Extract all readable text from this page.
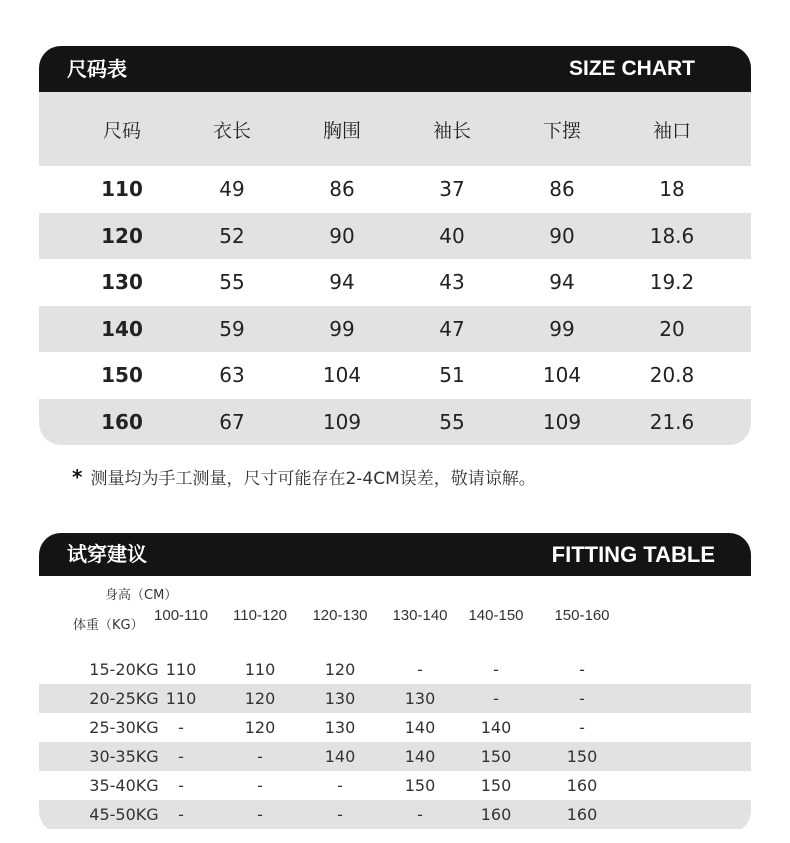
尺码表	SIZE CHART
尺码	衣长	胸围	袖长	下摆	袖口
110	49	86	37	86	18
120	52	90	40	90	18.6
130	55	94	43	94	19.2
140	59	99	47	99	20
150	63	104	51	104	20.8
160	67	109	55	109	21.6
* 测量均为手工测量，尺寸可能存在2-4CM误差，敬请谅解。
试穿建议	FITTING TABLE
身高（CM）
体重（KG）
100-110	110-120	120-130	130-140	140-150	150-160
15-20KG 110	110	120	-	-	-
20-25KG 110	120	130	130	-	-
25-30KG	-	120	130	140	140	-
30-35KG	-	-	140	140	150	150
35-40KG	-	-	-	150	150	160
45-50KG	-	-	-	-	160	160
